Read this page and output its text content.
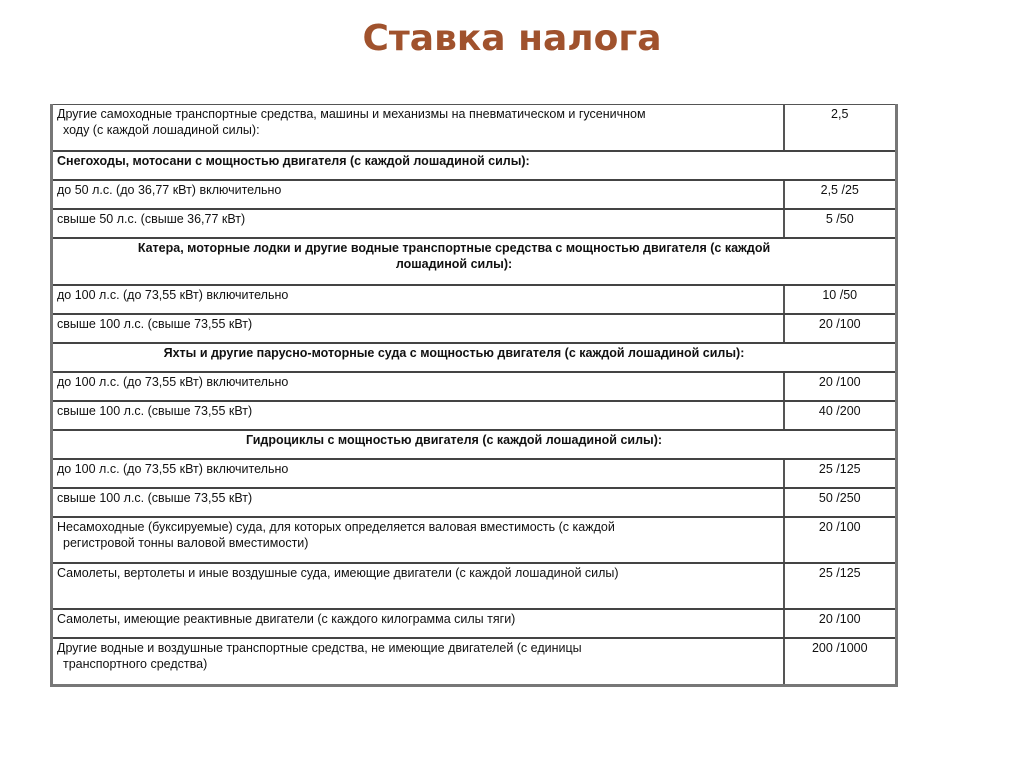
Ставка налога
Другие самоходные транспортные средства, машины и механизмы на пневматическом и гусеничном
ходу (с каждой лошадиной силы):	2,5

Снегоходы, мотосани с мощностью двигателя (с каждой лошадиной силы):	

до 50 л.с. (до 36,77 кВт) включительно	2,5 /25

свыше 50 л.с. (свыше 36,77 кВт)	5 /50

Катера, моторные лодки и другие водные транспортные средства с мощностью двигателя (с каждой
лошадиной силы):	

до 100 л.с. (до 73,55 кВт) включительно	10 /50

свыше 100 л.с. (свыше 73,55 кВт)	20 /100

Яхты и другие парусно-моторные суда с мощностью двигателя (с каждой лошадиной силы):	

до 100 л.с. (до 73,55 кВт) включительно	20 /100

свыше 100 л.с. (свыше 73,55 кВт)	40 /200

Гидроциклы с мощностью двигателя (с каждой лошадиной силы):	

до 100 л.с. (до 73,55 кВт) включительно	25 /125

свыше 100 л.с. (свыше 73,55 кВт)	50 /250

Несамоходные (буксируемые) суда, для которых определяется валовая вместимость (с каждой
регистровой тонны валовой вместимости)	20 /100

Самолеты, вертолеты и иные воздушные суда, имеющие двигатели (с каждой лошадиной силы)	25 /125

Самолеты, имеющие реактивные двигатели (с каждого килограмма силы тяги)	20 /100

Другие водные и воздушные транспортные средства, не имеющие двигателей (с единицы
транспортного средства)	200 /1000
